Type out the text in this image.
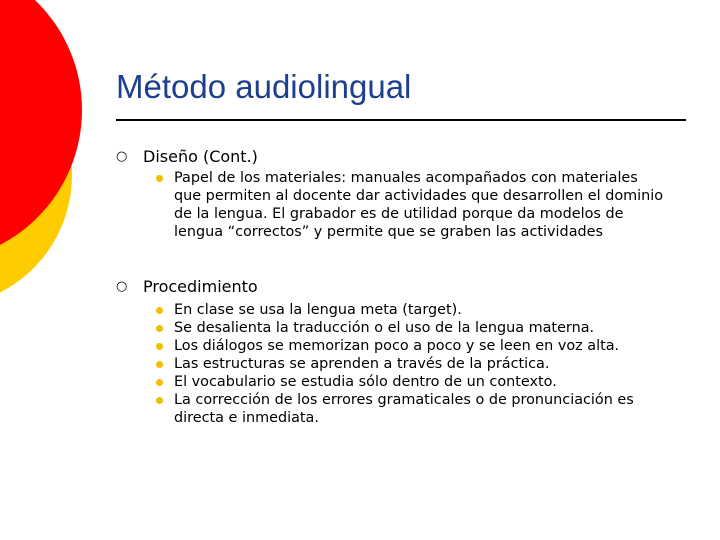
Método audiolingual
○ Diseño (Cont.)

Papel de los materiales: manuales acompañados con materiales que permiten al docente dar actividades que desarrollen el dominio de la lengua. El grabador es de utilidad porque da modelos de lengua “correctos” y permite que se graben las actividades
○ Procedimiento

En clase se usa la lengua meta (target).
Se desalienta la traducción o el uso de la lengua materna.
Los diálogos se memorizan poco a poco y se leen en voz alta.
Las estructuras se aprenden a través de la práctica.
El vocabulario se estudia sólo dentro de un contexto.
La corrección de los errores gramaticales o de pronunciación es directa e inmediata.
